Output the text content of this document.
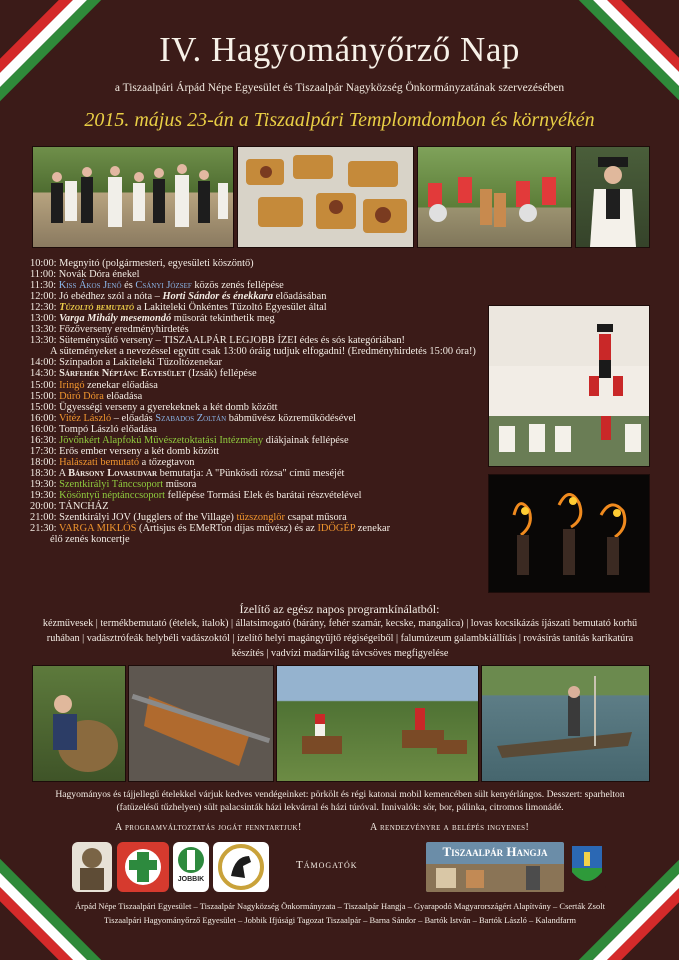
IV. Hagyományőrző Nap
a Tiszaalpári Árpád Népe Egyesület és Tiszaalpár Nagyközség Önkormányzatának szervezésében
2015. május 23-án a Tiszaalpári Templomdombon és környékén
10:00: Megnyitó (polgármesteri, egyesületi köszöntő)
11:00: Novák Dóra énekel
11:30: Kiss Ákos Jenő és Csányi József közös zenés fellépése
12:00: Jó ebédhez szól a nóta – Horti Sándor és énekkara előadásában
12:30: Tűzoltó bemutató a Lakiteleki Önkéntes Tűzoltó Egyesület által
13:00: Varga Mihály mesemondó műsorát tekinthetik meg
13:30: Főzőverseny eredményhirdetés
13:30: Süteménysütő verseny – TISZAALPÁR LEGJOBB ÍZEI édes és sós kategóriában!
A süteményeket a nevezéssel együtt csak 13:00 óráig tudjuk elfogadni! (Eredményhirdetés 15:00 óra!)
14:00: Színpadon a Lakiteleki Tűzoltózenekar
14:30: Sárfehér Néptánc Egyesület (Izsák) fellépése
15:00: Iringó zenekar előadása
15:00: Dúró Dóra előadása
15:00: Ügyességi verseny a gyerekeknek a két domb között
16:00: Vitéz László – előadás Szabados Zoltán bábművész közreműködésével
16:00: Tompó László előadása
16:30: Jövőnkért Alapfokú Művészetoktatási Intézmény diákjainak fellépése
17:30: Erős ember verseny a két domb között
18:00: Halászati bemutató a tőzegtavon
18:30: A Bársony Lovasudvar bemutatja: A "Pünkösdi rózsa" című meséjét
19:30: Szentkirályi Tánccsoport műsora
19:30: Kösöntyű néptánccsoport fellépése Tormási Elek és barátai részvételével
20:00: TÁNCHÁZ
21:00: Szentkirályi JOV (Jugglers of the Village) tűzszonglőr csapat műsora
21:30: VARGA MIKLÓS (Artisjus és EMeRTon díjas művész) és az IDŐGÉP zenekar
élő zenés koncertje
Ízelítő az egész napos programkínálatból:
kézművesek | termékbemutató (ételek, italok) | állatsimogató (bárány, fehér szamár, kecske, mangalica) | lovas kocsikázás íjászati bemutató korhű ruhában | vadásztrófeák helybéli vadászoktól | ízelítő helyi magángyűjtő régiségeiből | falumúzeum galambkiállítás | rovásírás tanítás karikatúra készítés | vadvízi madárvilág távcsöves megfigyelése
Hagyományos és tájjellegű ételekkel várjuk kedves vendégeinket: pörkölt és régi katonai mobil kemencében sült kenyérlángos. Desszert: sparhelton (fatüzelésű tűzhelyen) sült palacsinták házi lekvárral és házi túróval. Innivalók: sör, bor, pálinka, citromos limonádé.
A programváltoztatás jogát fenntartjuk!	A rendezvényre a belépés ingyenes!
JOBBIK
Támogatók
Tiszaalpár Hangja
Árpád Népe Tiszaalpári Egyesület – Tiszaalpár Nagyközség Önkormányzata – Tiszaalpár Hangja – Gyarapodó Magyarországért Alapítvány – Cserták Zsolt
Tiszaalpári Hagyományőrző Egyesület – Jobbik Ifjúsági Tagozat Tiszaalpár – Barna Sándor – Bartók István – Bartók László – Kalandfarm
